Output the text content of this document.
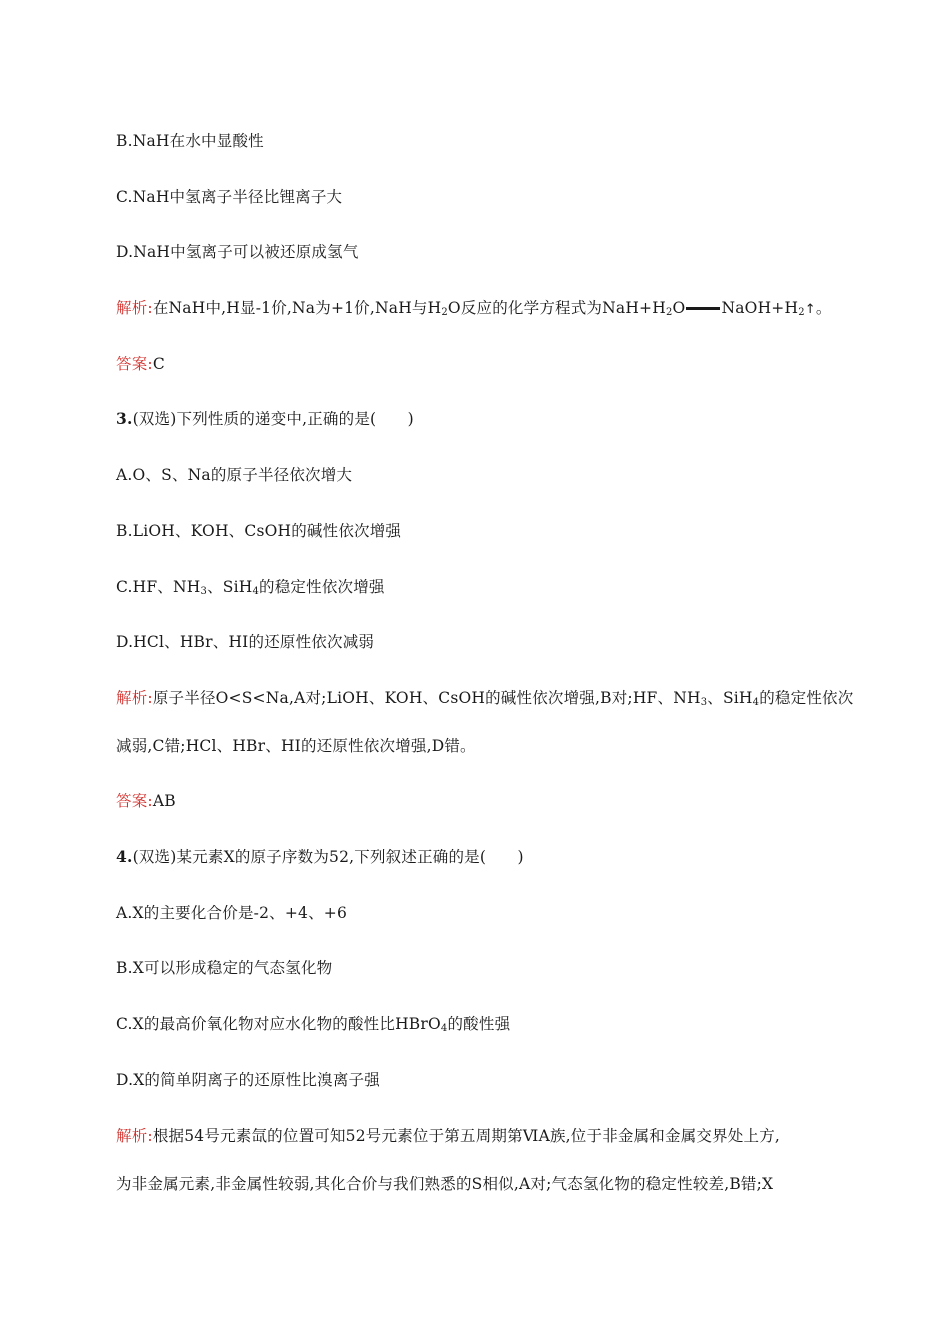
B.NaH在水中显酸性
C.NaH中氢离子半径比锂离子大
D.NaH中氢离子可以被还原成氢气
解析:在NaH中,H显-1价,Na为+1价,NaH与$H_2O$反应的化学方程式为$NaH+H_2O$ $NaOH+H_2↑$。
答案:C
3.(双选)下列性质的递变中,正确的是(　　)
A.O、S、Na的原子半径依次增大
B.LiOH、KOH、CsOH的碱性依次增强
C.HF、$NH_3$、SiH$_4$的稳定性依次增强
D.HCl、HBr、HI的还原性依次减弱
解析:原子半径O<S<Na,A对;LiOH、KOH、CsOH的碱性依次增强,B对;HF、$NH_3$、SiH$_4$的稳定性依次
减弱,C错;HCl、HBr、HI的还原性依次增强,D错。
答案:AB
4.(双选)某元素X的原子序数为52,下列叙述正确的是(　　)
A.X的主要化合价是-2、+4、+6
B.X可以形成稳定的气态氢化物
C.X的最高价氧化物对应水化物的酸性比HBrO$_4$的酸性强
D.X的简单阴离子的还原性比溴离子强
解析:根据54号元素氙的位置可知52号元素位于第五周期第ⅥA族,位于非金属和金属交界处上方,
为非金属元素,非金属性较弱,其化合价与我们熟悉的S相似,A对;气态氢化物的稳定性较差,B错;X
